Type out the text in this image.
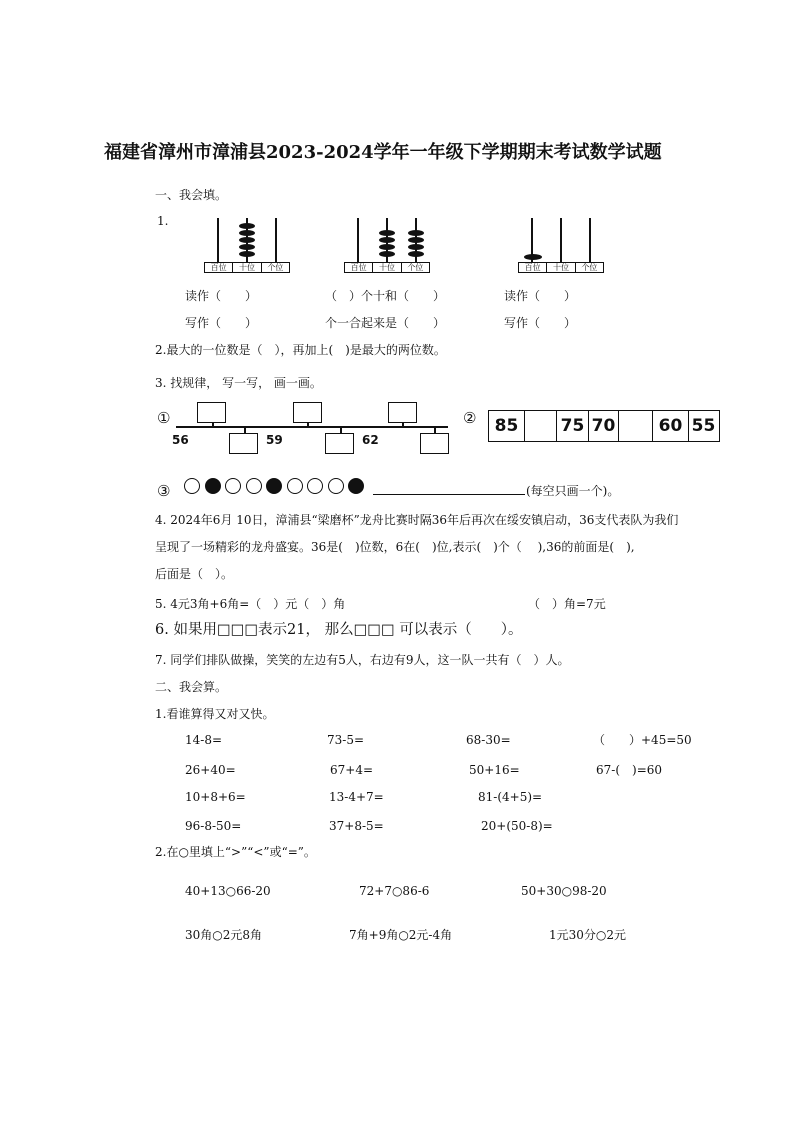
福建省漳州市漳浦县2023-2024学年一年级下学期期末考试数学试题
一、我会填。
1.
百位	十位	个位	百位	十位	个位	百位	十位	个位
读作（　　）
写作（　　）
（　）个十和（　　）
个一合起来是（　　）
读作（　　）
写作（　　）
2.最大的一位数是（　），再加上(　)是最大的两位数。
3. 找规律， 写一写， 画一画。
①
56	59	62
②	85	75 70	60 55
③	(每空只画一个)。
4. 2024年6月 10日，漳浦县“梁磨杯”龙舟比赛时隔36年后再次在绥安镇启动，36支代表队为我们
呈现了一场精彩的龙舟盛宴。36是(　)位数，6在(　)位,表示(　)个（　 ),36的前面是(　),
后面是（　）。
5. 4元3角+6角=（　）元（　）角	（　）角=7元
6. 如果用□□□表示21， 那么□□□ 可以表示（　　）。
7. 同学们排队做操，笑笑的左边有5人，右边有9人，这一队一共有（　）人。
二、我会算。
1.看谁算得又对又快。
14-8=	73-5=	68-30=	（　　）+45=50
26+40=	67+4=	50+16=	67-(　)=60
10+8+6=	13-4+7=	81-(4+5)=
96-8-50=	37+8-5=	20+(50-8)=
2.在○里填上“>”“<”或“=”。
40+13○66-20	72+7○86-6	50+30○98-20
30角○2元8角	7角+9角○2元-4角	1元30分○2元
